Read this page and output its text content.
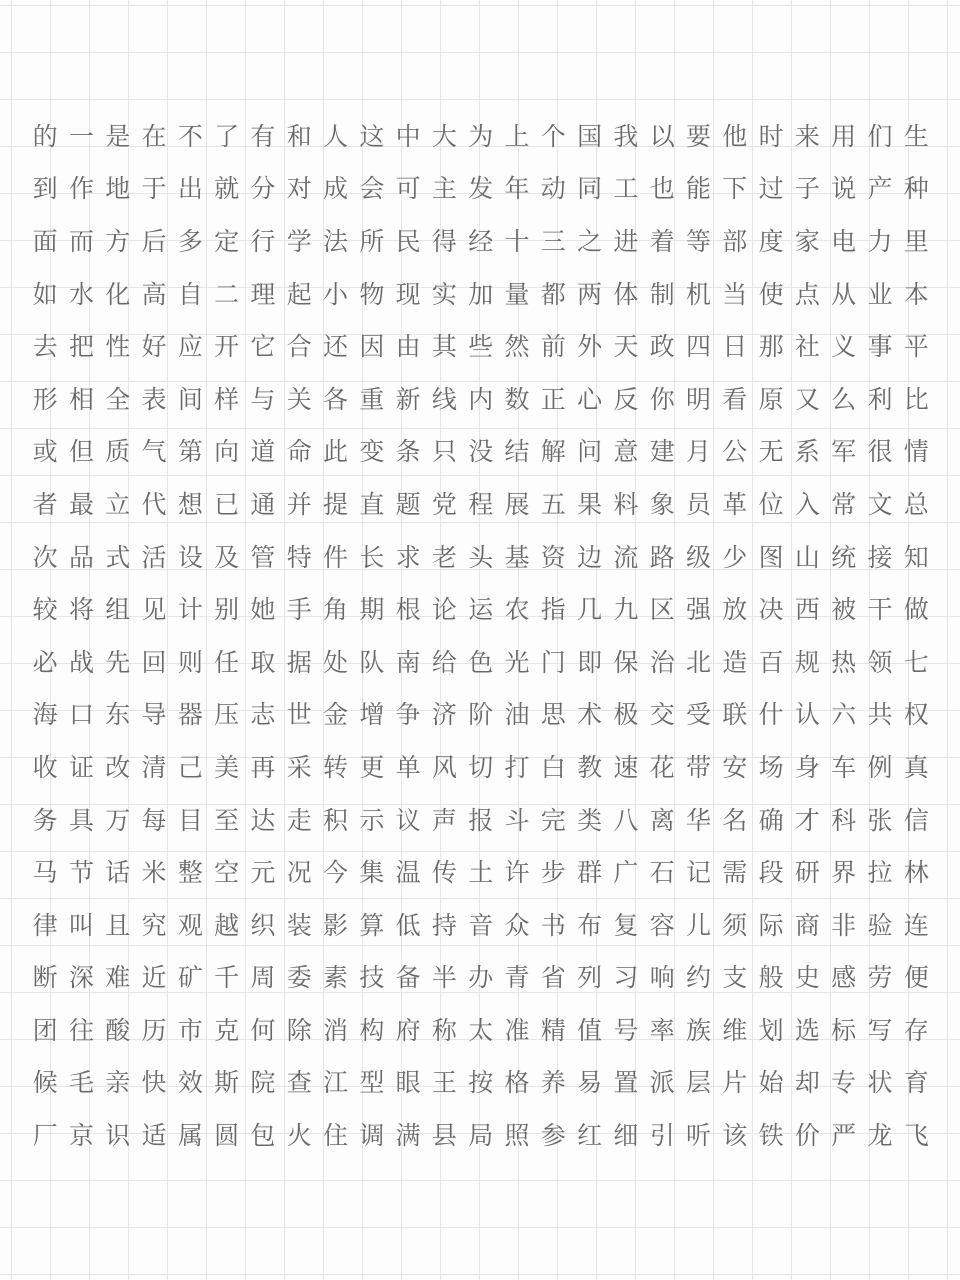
的 一 是 在 不 了 有 和 人 这 中 大 为 上 个 国 我 以 要 他 时 来 用 们 生
到 作 地 于 出 就 分 对 成 会 可 主 发 年 动 同 工 也 能 下 过 子 说 产 种
面 而 方 后 多 定 行 学 法 所 民 得 经 十 三 之 进 着 等 部 度 家 电 力 里
如 水 化 高 自 二 理 起 小 物 现 实 加 量 都 两 体 制 机 当 使 点 从 业 本
去 把 性 好 应 开 它 合 还 因 由 其 些 然 前 外 天 政 四 日 那 社 义 事 平
形 相 全 表 间 样 与 关 各 重 新 线 内 数 正 心 反 你 明 看 原 又 么 利 比
或 但 质 气 第 向 道 命 此 变 条 只 没 结 解 问 意 建 月 公 无 系 军 很 情
者 最 立 代 想 已 通 并 提 直 题 党 程 展 五 果 料 象 员 革 位 入 常 文 总
次 品 式 活 设 及 管 特 件 长 求 老 头 基 资 边 流 路 级 少 图 山 统 接 知
较 将 组 见 计 别 她 手 角 期 根 论 运 农 指 几 九 区 强 放 决 西 被 干 做
必 战 先 回 则 任 取 据 处 队 南 给 色 光 门 即 保 治 北 造 百 规 热 领 七
海 口 东 导 器 压 志 世 金 增 争 济 阶 油 思 术 极 交 受 联 什 认 六 共 权
收 证 改 清 己 美 再 采 转 更 单 风 切 打 白 教 速 花 带 安 场 身 车 例 真
务 具 万 每 目 至 达 走 积 示 议 声 报 斗 完 类 八 离 华 名 确 才 科 张 信
马 节 话 米 整 空 元 况 今 集 温 传 土 许 步 群 广 石 记 需 段 研 界 拉 林
律 叫 且 究 观 越 织 装 影 算 低 持 音 众 书 布 复 容 儿 须 际 商 非 验 连
断 深 难 近 矿 千 周 委 素 技 备 半 办 青 省 列 习 响 约 支 般 史 感 劳 便
团 往 酸 历 市 克 何 除 消 构 府 称 太 准 精 值 号 率 族 维 划 选 标 写 存
候 毛 亲 快 效 斯 院 查 江 型 眼 王 按 格 养 易 置 派 层 片 始 却 专 状 育
厂 京 识 适 属 圆 包 火 住 调 满 县 局 照 参 红 细 引 听 该 铁 价 严 龙 飞
